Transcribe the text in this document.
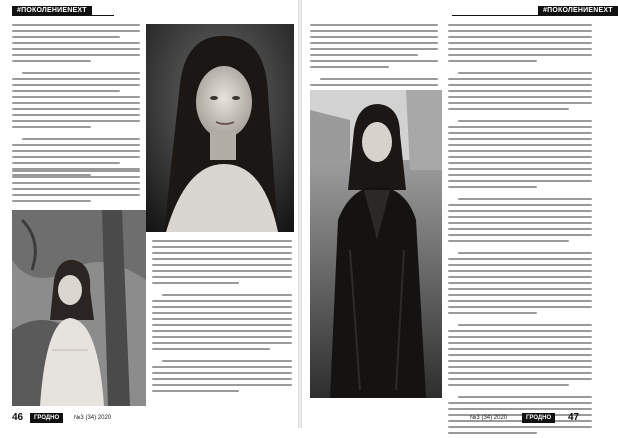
#ПОКОЛЕНИЕNEXT
46	ГРОДНО	№3 (34) 2020
#ПОКОЛЕНИЕNEXT
№3 (34) 2020	ГРОДНО	47
